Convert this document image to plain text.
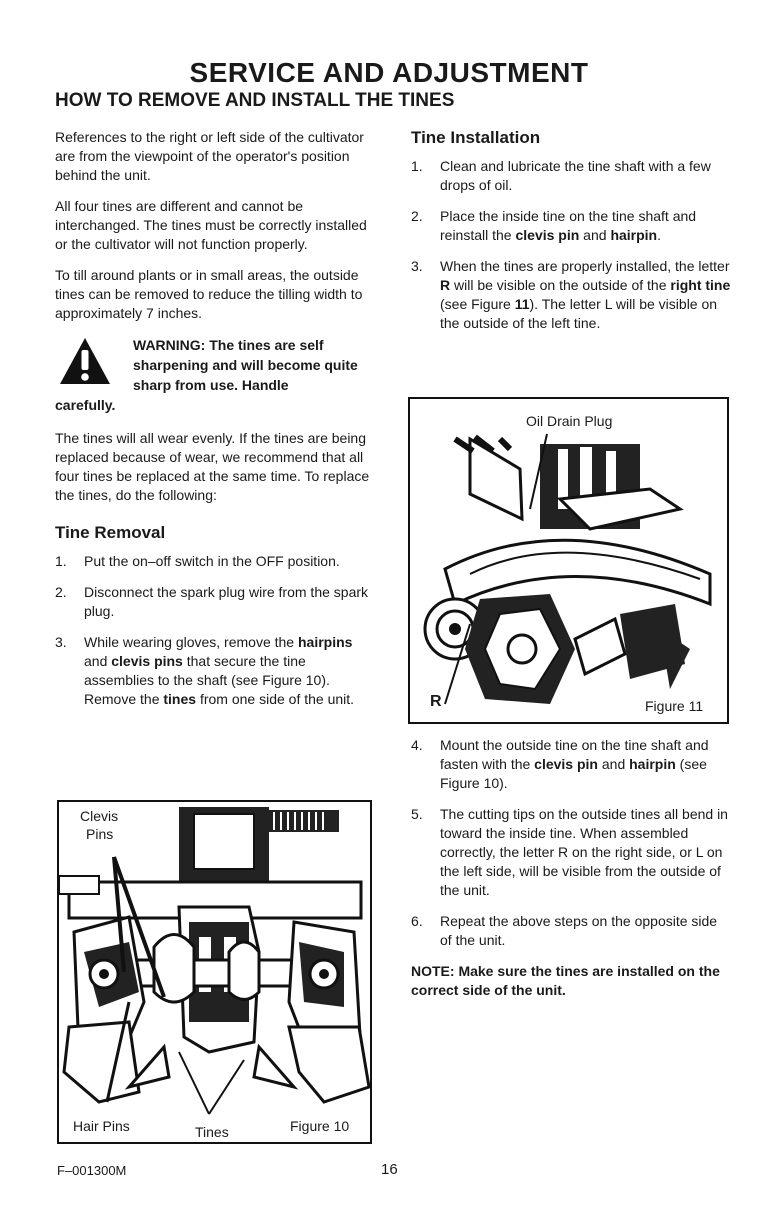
SERVICE AND ADJUSTMENT
HOW TO REMOVE AND INSTALL THE TINES

References to the right or left side of the cultivator are from the viewpoint of the operator's position behind the unit.

All four tines are different and cannot be interchanged. The tines must be correctly installed or the cultivator will not function properly.

To till around plants or in small areas, the outside tines can be removed to reduce the tilling width to approximately 7 inches.

WARNING: The tines are self sharpening and will become quite sharp from use. Handle
carefully.

The tines will all wear evenly. If the tines are being replaced because of wear, we recommend that all four tines be replaced at the same time. To replace the tines, do the following:

Tine Removal
1. Put the on–off switch in the OFF position.
2. Disconnect the spark plug wire from the spark plug.
3. While wearing gloves, remove the hairpins and clevis pins that secure the tine assemblies to the shaft (see Figure 10). Remove the tines from one side of the unit.
Tine Installation
1. Clean and lubricate the tine shaft with a few drops of oil.
2. Place the inside tine on the tine shaft and reinstall the clevis pin and hairpin.
3. When the tines are properly installed, the letter R will be visible on the outside of the right tine (see Figure 11). The letter L will be visible on the outside of the left tine.
Oil Drain Plug
R	Figure 11
4. Mount the outside tine on the tine shaft and fasten with the clevis pin and hairpin (see Figure 10).
5. The cutting tips on the outside tines all bend in toward the inside tine. When assembled correctly, the letter R on the right side, or L on the left side, will be visible from the outside of the unit.
6. Repeat the above steps on the opposite side of the unit.

NOTE: Make sure the tines are installed on the correct side of the unit.

Clevis
Pins
Hair Pins	Tines	Figure 10
F–001300M	16
